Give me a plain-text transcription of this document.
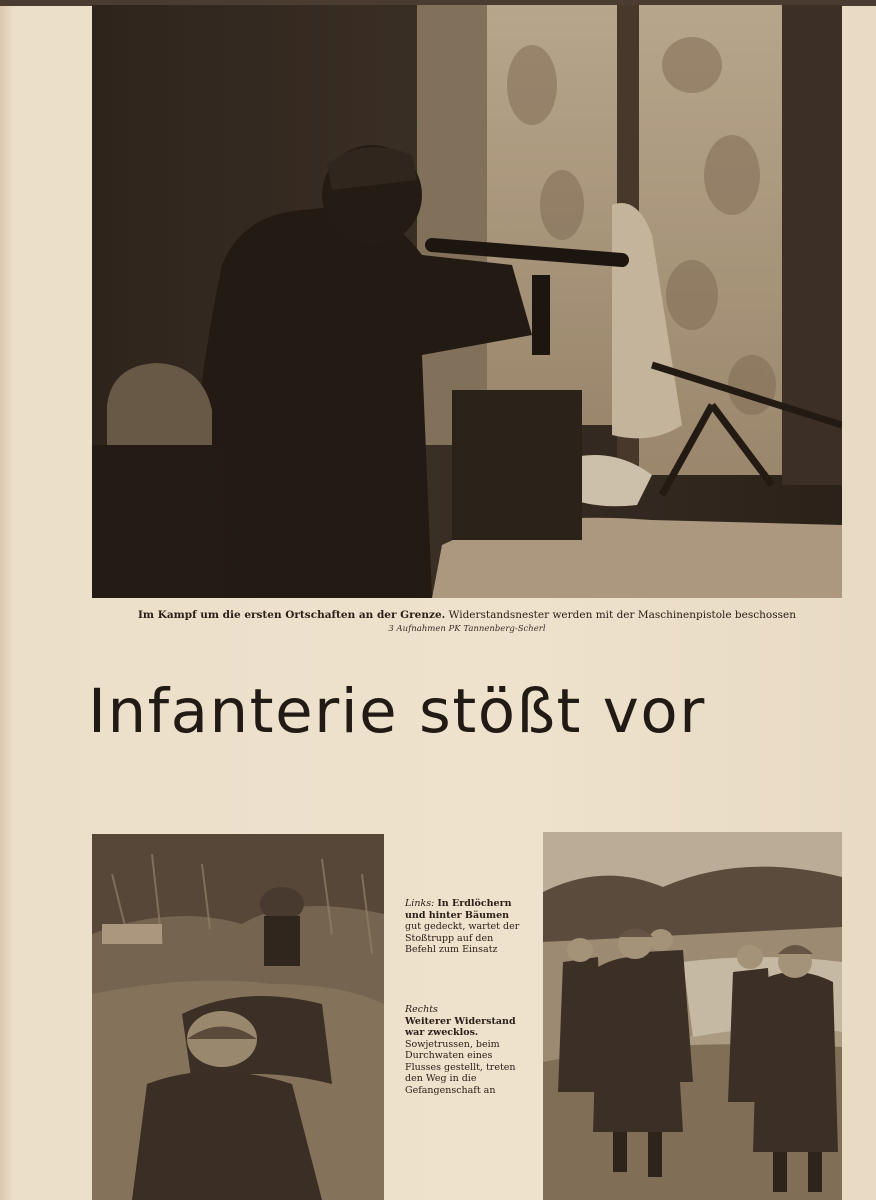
Im Kampf um die ersten Ortschaften an der Grenze. Widerstandsnester werden mit der Maschinenpistole beschossen
3 Aufnahmen PK Tannenberg-Scherl
Infanterie stößt vor
Links: In Erdlöchern und hinter Bäumen gut gedeckt, wartet der Stoßtrupp auf den Befehl zum Einsatz
Rechts
Weiterer Widerstand war zwecklos. Sowjetrussen, beim Durchwaten eines Flusses gestellt, treten den Weg in die Gefangenschaft an
